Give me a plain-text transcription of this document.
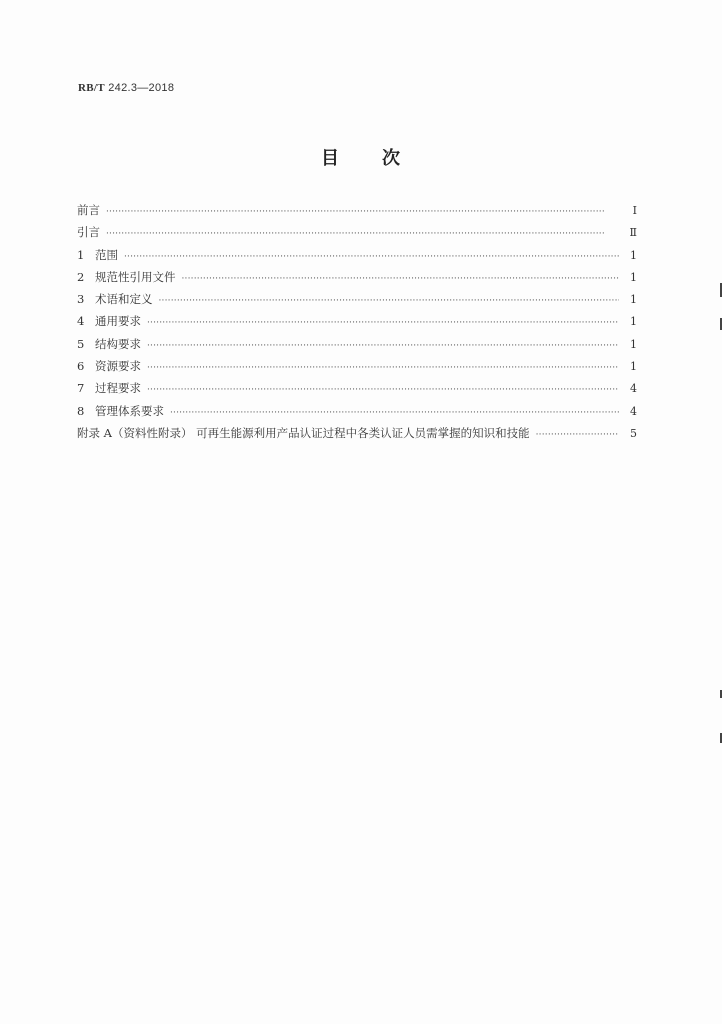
RB/T 242.3—2018
目 次
前言 ·····	Ⅰ
引言 ·····	Ⅱ
1 范围 ·····	1
2 规范性引用文件 ·····	1
3 术语和定义 ·····	1
4 通用要求 ·····	1
5 结构要求 ·····	1
6 资源要求 ·····	1
7 过程要求 ·····	4
8 管理体系要求 ·····	4
附录 A（资料性附录） 可再生能源利用产品认证过程中各类认证人员需掌握的知识和技能 ·····	5
